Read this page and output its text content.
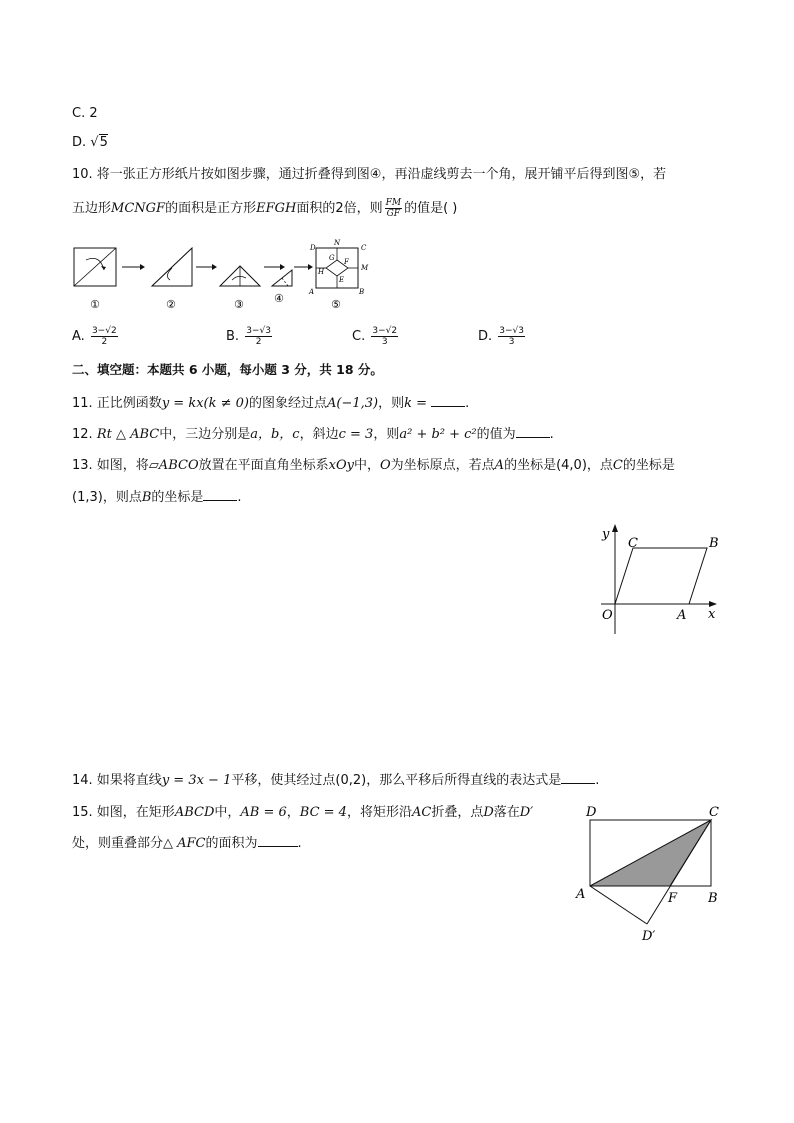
C. 2
D. √5
10. 将一张正方形纸片按如图步骤，通过折叠得到图④，再沿虚线剪去一个角，展开铺平后得到图⑤，若
五边形MCNGF的面积是正方形EFGH面积的2倍，则 $\frac{FM}{GF}$ 的值是( )
D
N
C
G F
M
H
E
A	B
①	②	③	④	⑤
A. $\frac{3-√2}{2}$	B. $\frac{3-√3}{2}$	C. $\frac{3-√2}{3}$	D. $\frac{3-√3}{3}$
二、填空题：本题共 6 小题，每小题 3 分，共 18 分。
11. 正比例函数y = kx(k ≠ 0)的图象经过点A(−1,3)，则k =	.
12. Rt △ ABC中，三边分别是a，b，c，斜边c = 3，则a² + b² + c²的值为	.
13. 如图，将▱ABCO放置在平面直角坐标系xOy中，O为坐标原点，若点A的坐标是(4,0)，点C的坐标是
(1,3)，则点B的坐标是	.
y
x
C	B
O	A
14. 如果将直线y = 3x − 1平移，使其经过点(0,2)，那么平移后所得直线的表达式是	.
15. 如图，在矩形ABCD中，AB = 6，BC = 4，将矩形沿AC折叠，点D落在D′
处，则重叠部分△ AFC的面积为	.
D	C
A	F B
D′
